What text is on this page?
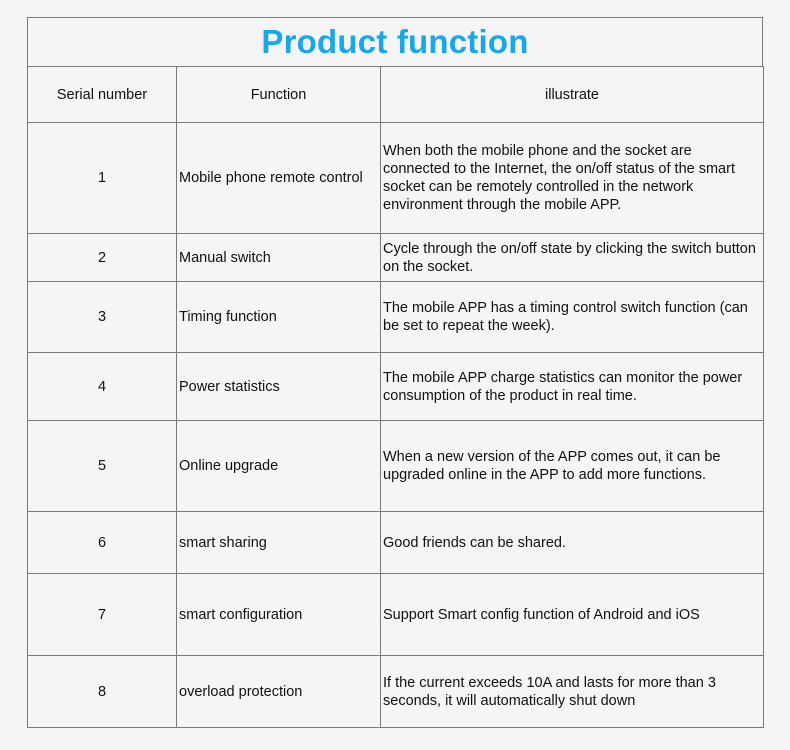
Product function
Serial number	Function	illustrate
1	Mobile phone remote control	When both the mobile phone and the socket are connected to the Internet, the on/off status of the smart socket can be remotely controlled in the network environment through the mobile APP.
2	Manual switch	Cycle through the on/off state by clicking the switch button on the socket.
3	Timing function	The mobile APP has a timing control switch function (can be set to repeat the week).
4	Power statistics	The mobile APP charge statistics can monitor the power consumption of the product in real time.
5	Online upgrade	When a new version of the APP comes out, it can be upgraded online in the APP to add more functions.
6	smart sharing	Good friends can be shared.
7	smart configuration	Support Smart config function of Android and iOS
8	overload protection	If the current exceeds 10A and lasts for more than 3 seconds, it will automatically shut down
